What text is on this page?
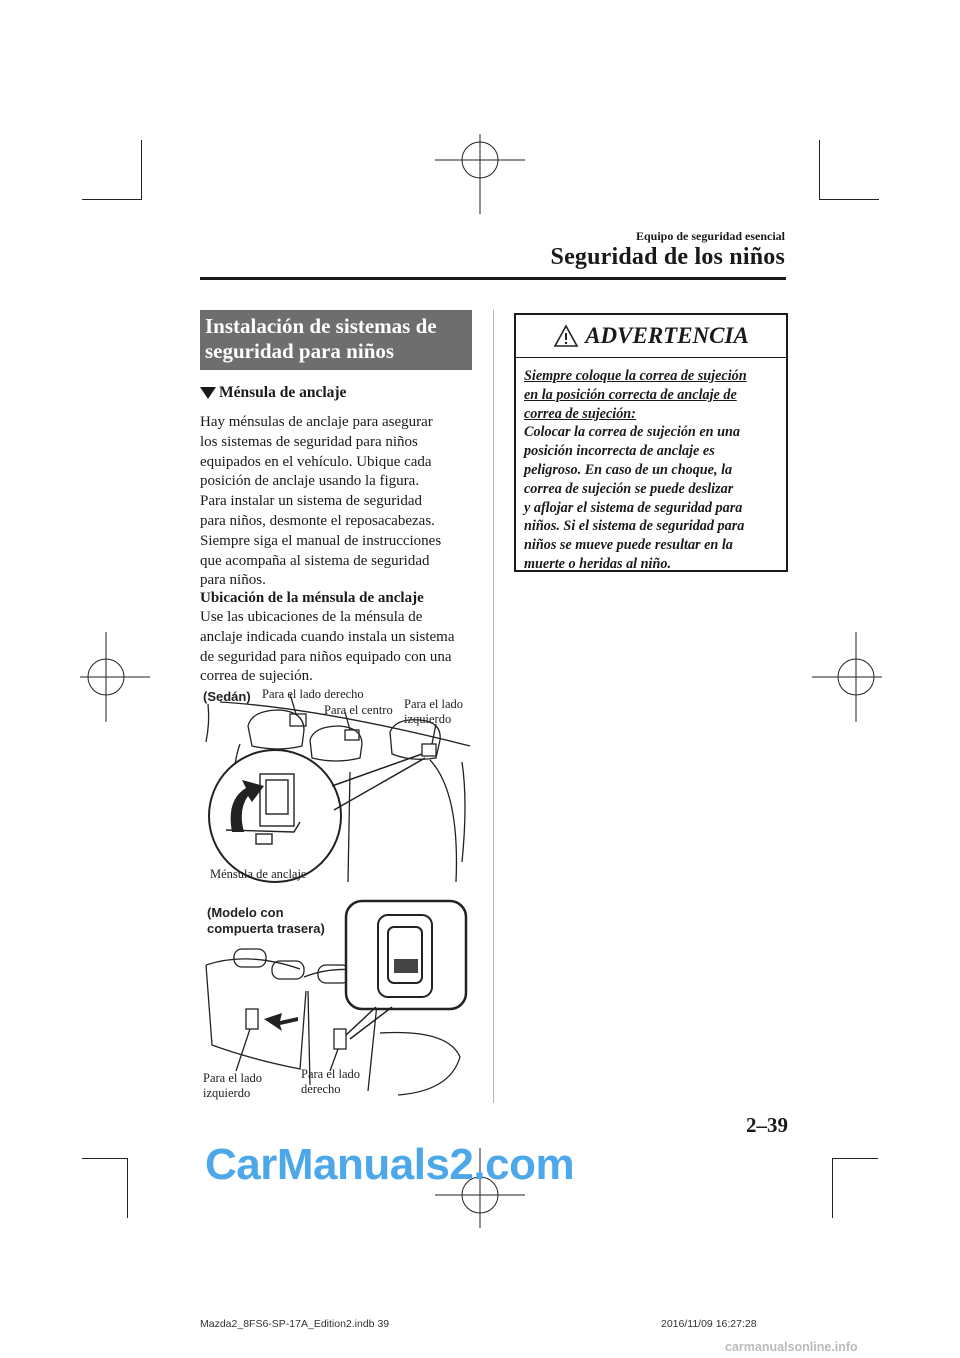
Equipo de seguridad esencial
Seguridad de los niños
Instalación de sistemas de
seguridad para niños
Ménsula de anclaje
Hay ménsulas de anclaje para asegurar
los sistemas de seguridad para niños
equipados en el vehículo. Ubique cada
posición de anclaje usando la figura.
Para instalar un sistema de seguridad
para niños, desmonte el reposacabezas.
Siempre siga el manual de instrucciones
que acompaña al sistema de seguridad
para niños.
Ubicación de la ménsula de anclaje
Use las ubicaciones de la ménsula de
anclaje indicada cuando instala un sistema
de seguridad para niños equipado con una
correa de sujeción.
(Sedán) Para el lado derecho
Para el centro Para el lado
izquierdo
Ménsula de anclaje
(Modelo con
compuerta trasera)
Para el lado
izquierdo
Para el lado
derecho
ADVERTENCIA
Siempre coloque la correa de sujeción
en la posición correcta de anclaje de
correa de sujeción:
Colocar la correa de sujeción en una
posición incorrecta de anclaje es
peligroso. En caso de un choque, la
correa de sujeción se puede deslizar
y aflojar el sistema de seguridad para
niños. Si el sistema de seguridad para
niños se mueve puede resultar en la
muerte o heridas al niño.
2–39
CarManuals2.com
Mazda2_8FS6-SP-17A_Edition2.indb 39	2016/11/09 16:27:28
carmanualsonline.info
